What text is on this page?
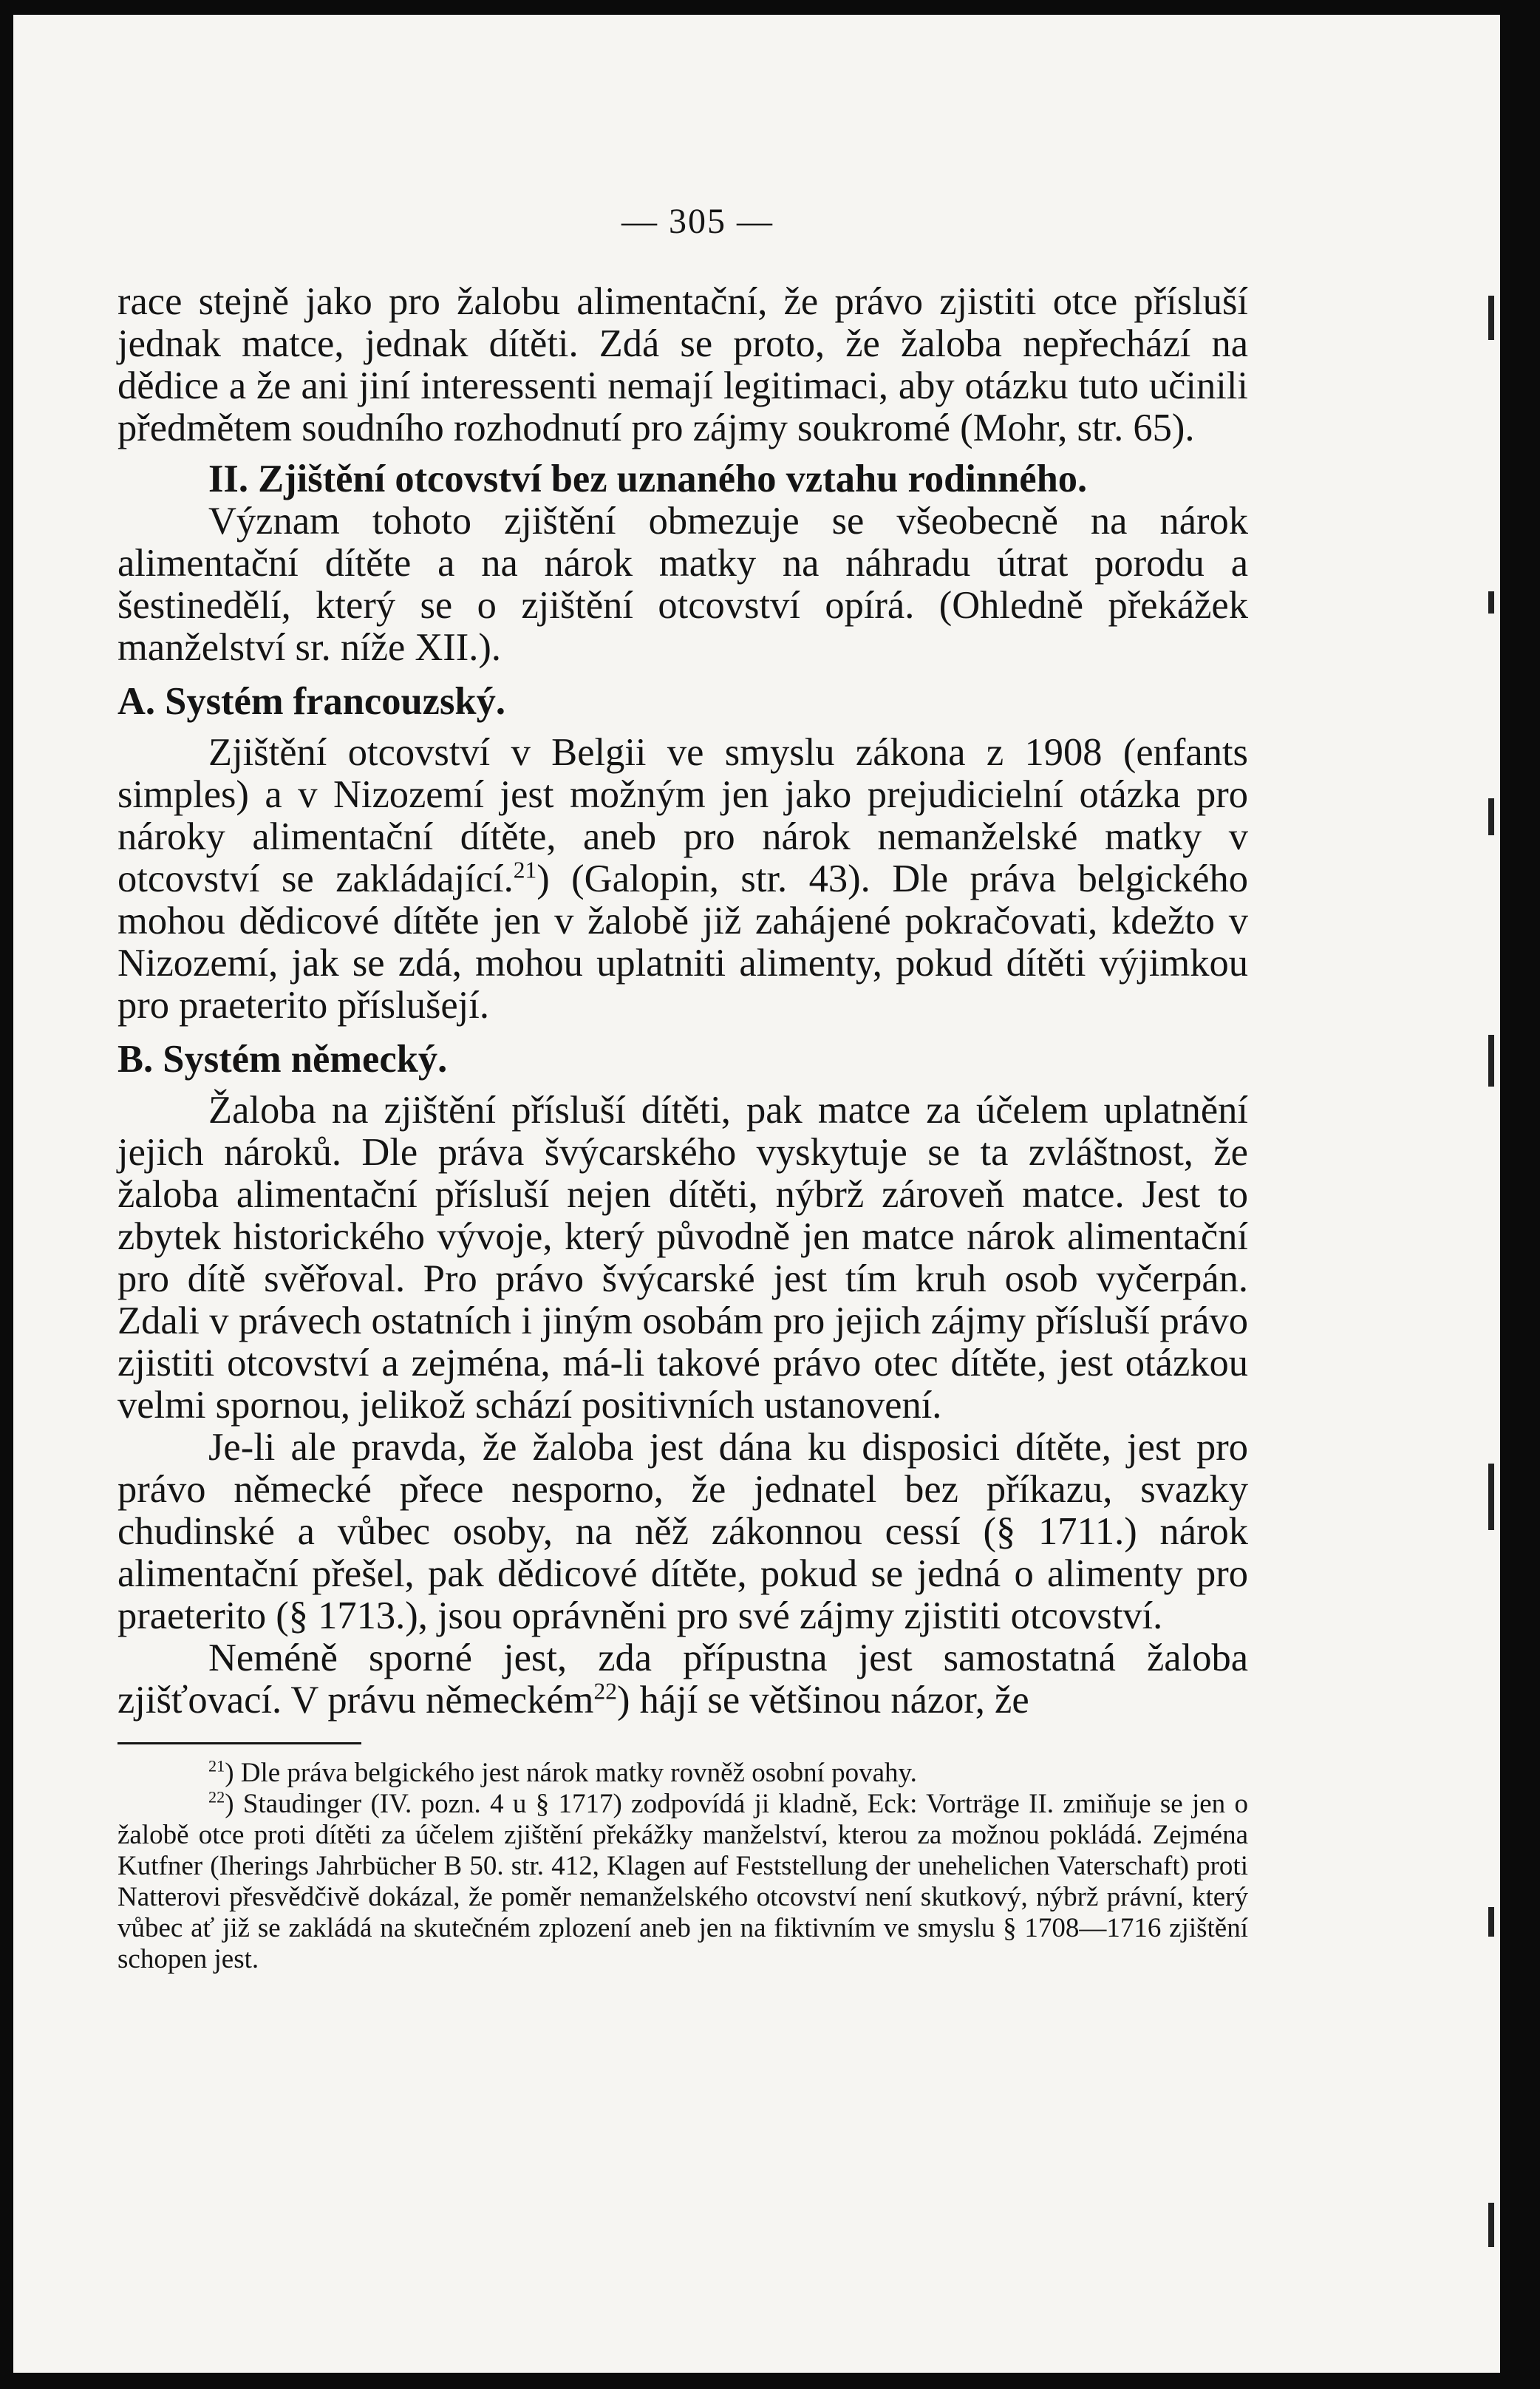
— 305 —

race stejně jako pro žalobu alimentační, že právo zjistiti otce přísluší jednak matce, jednak dítěti. Zdá se proto, že žaloba nepřechází na dědice a že ani jiní interessenti nemají legitimaci, aby otázku tuto učinili předmětem soudního rozhodnutí pro zájmy soukromé (Mohr, str. 65).

II. Zjištění otcovství bez uznaného vztahu rodinného.

Význam tohoto zjištění obmezuje se všeobecně na nárok alimentační dítěte a na nárok matky na náhradu útrat porodu a šestinedělí, který se o zjištění otcovství opírá. (Ohledně překážek manželství sr. níže XII.).

A. Systém francouzský.

Zjištění otcovství v Belgii ve smyslu zákona z 1908 (enfants simples) a v Nizozemí jest možným jen jako prejudicielní otázka pro nároky alimentační dítěte, aneb pro nárok nemanželské matky v otcovství se zakládající.$^{21}$) (Galopin, str. 43). Dle práva belgického mohou dědicové dítěte jen v žalobě již zahájené pokračovati, kdežto v Nizozemí, jak se zdá, mohou uplatniti alimenty, pokud dítěti výjimkou pro praeterito příslušejí.

B. Systém německý.

Žaloba na zjištění přísluší dítěti, pak matce za účelem uplatnění jejich nároků. Dle práva švýcarského vyskytuje se ta zvláštnost, že žaloba alimentační přísluší nejen dítěti, nýbrž zároveň matce. Jest to zbytek historického vývoje, který původně jen matce nárok alimentační pro dítě svěřoval. Pro právo švýcarské jest tím kruh osob vyčerpán. Zdali v právech ostatních i jiným osobám pro jejich zájmy přísluší právo zjistiti otcovství a zejména, má-li takové právo otec dítěte, jest otázkou velmi spornou, jelikož schází positivních ustanovení.

Je-li ale pravda, že žaloba jest dána ku disposici dítěte, jest pro právo německé přece nesporno, že jednatel bez příkazu, svazky chudinské a vůbec osoby, na něž zákonnou cessí (§ 1711.) nárok alimentační přešel, pak dědicové dítěte, pokud se jedná o alimenty pro praeterito (§ 1713.), jsou oprávněni pro své zájmy zjistiti otcovství.

Neméně sporné jest, zda přípustna jest samostatná žaloba zjišťovací. V právu německém$^{22}$) hájí se většinou názor, že

$^{21}$) Dle práva belgického jest nárok matky rovněž osobní povahy.

$^{22}$) Staudinger (IV. pozn. 4 u § 1717) zodpovídá ji kladně, Eck: Vorträge II. zmiňuje se jen o žalobě otce proti dítěti za účelem zjištění překážky manželství, kterou za možnou pokládá. Zejména Kutfner (Iherings Jahrbücher B 50. str. 412, Klagen auf Feststellung der unehelichen Vaterschaft) proti Natterovi přesvědčivě dokázal, že poměr nemanželského otcovství není skutkový, nýbrž právní, který vůbec ať již se zakládá na skutečném zplození aneb jen na fiktivním ve smyslu § 1708—1716 zjištění schopen jest.
